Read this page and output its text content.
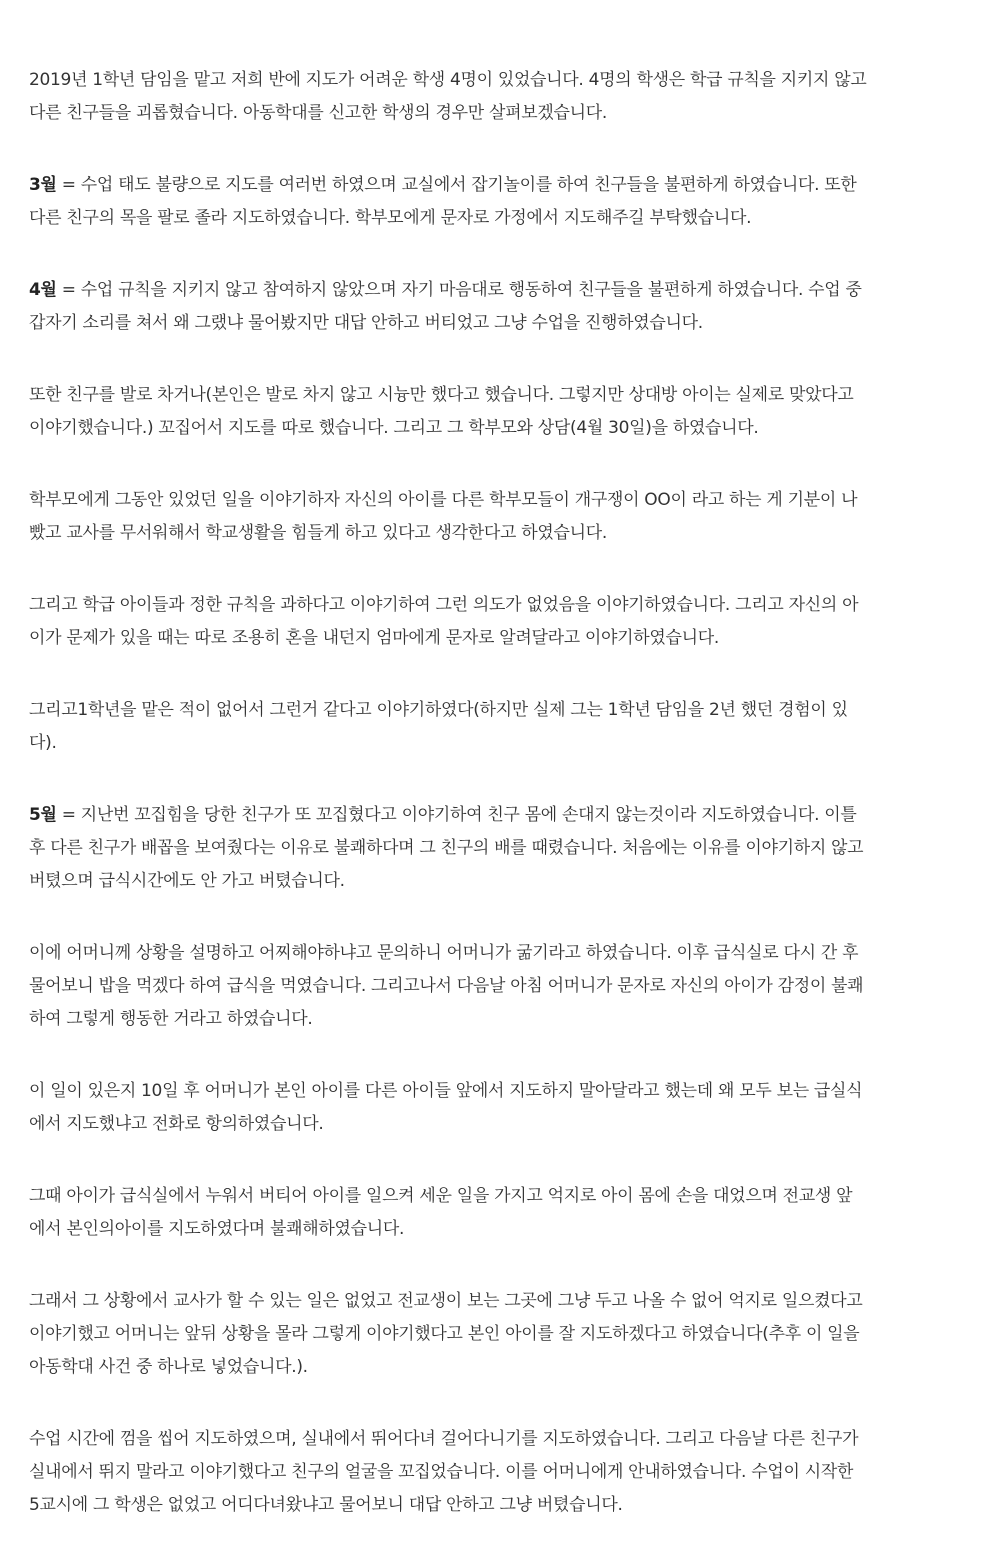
2019년 1학년 담임을 맡고 저희 반에 지도가 어려운 학생 4명이 있었습니다. 4명의 학생은 학급 규칙을 지키지 않고
다른 친구들을 괴롭혔습니다. 아동학대를 신고한 학생의 경우만 살펴보겠습니다.

3월 = 수업 태도 불량으로 지도를 여러번 하였으며 교실에서 잡기놀이를 하여 친구들을 불편하게 하였습니다. 또한
다른 친구의 목을 팔로 졸라 지도하였습니다. 학부모에게 문자로 가정에서 지도해주길 부탁했습니다.

4월 = 수업 규칙을 지키지 않고 참여하지 않았으며 자기 마음대로 행동하여 친구들을 불편하게 하였습니다. 수업 중
갑자기 소리를 쳐서 왜 그랬냐 물어봤지만 대답 안하고 버티었고 그냥 수업을 진행하였습니다.

또한 친구를 발로 차거나(본인은 발로 차지 않고 시늉만 했다고 했습니다. 그렇지만 상대방 아이는 실제로 맞았다고
이야기했습니다.) 꼬집어서 지도를 따로 했습니다. 그리고 그 학부모와 상담(4월 30일)을 하였습니다.

학부모에게 그동안 있었던 일을 이야기하자 자신의 아이를 다른 학부모들이 개구쟁이 OO이 라고 하는 게 기분이 나
빴고 교사를 무서워해서 학교생활을 힘들게 하고 있다고 생각한다고 하였습니다.

그리고 학급 아이들과 정한 규칙을 과하다고 이야기하여 그런 의도가 없었음을 이야기하였습니다. 그리고 자신의 아
이가 문제가 있을 때는 따로 조용히 혼을 내던지 엄마에게 문자로 알려달라고 이야기하였습니다.

그리고1학년을 맡은 적이 없어서 그런거 같다고 이야기하였다(하지만 실제 그는 1학년 담임을 2년 했던 경험이 있
다).

5월 = 지난번 꼬집힘을 당한 친구가 또 꼬집혔다고 이야기하여 친구 몸에 손대지 않는것이라 지도하였습니다. 이틀
후 다른 친구가 배꼽을 보여줬다는 이유로 불쾌하다며 그 친구의 배를 때렸습니다. 처음에는 이유를 이야기하지 않고
버텼으며 급식시간에도 안 가고 버텼습니다.

이에 어머니께 상황을 설명하고 어찌해야하냐고 문의하니 어머니가 굶기라고 하였습니다. 이후 급식실로 다시 간 후
물어보니 밥을 먹겠다 하여 급식을 먹였습니다. 그리고나서 다음날 아침 어머니가 문자로 자신의 아이가 감정이 불쾌
하여 그렇게 행동한 거라고 하였습니다.

이 일이 있은지 10일 후 어머니가 본인 아이를 다른 아이들 앞에서 지도하지 말아달라고 했는데 왜 모두 보는 급실식
에서 지도했냐고 전화로 항의하였습니다.

그때 아이가 급식실에서 누워서 버티어 아이를 일으켜 세운 일을 가지고 억지로 아이 몸에 손을 대었으며 전교생 앞
에서 본인의아이를 지도하였다며 불쾌해하였습니다.

그래서 그 상황에서 교사가 할 수 있는 일은 없었고 전교생이 보는 그곳에 그냥 두고 나올 수 없어 억지로 일으켰다고
이야기했고 어머니는 앞뒤 상황을 몰라 그렇게 이야기했다고 본인 아이를 잘 지도하겠다고 하였습니다(추후 이 일을
아동학대 사건 중 하나로 넣었습니다.).

수업 시간에 껌을 씹어 지도하였으며, 실내에서 뛰어다녀 걸어다니기를 지도하였습니다. 그리고 다음날 다른 친구가
실내에서 뛰지 말라고 이야기했다고 친구의 얼굴을 꼬집었습니다. 이를 어머니에게 안내하였습니다. 수업이 시작한
5교시에 그 학생은 없었고 어디다녀왔냐고 물어보니 대답 안하고 그냥 버텼습니다.
